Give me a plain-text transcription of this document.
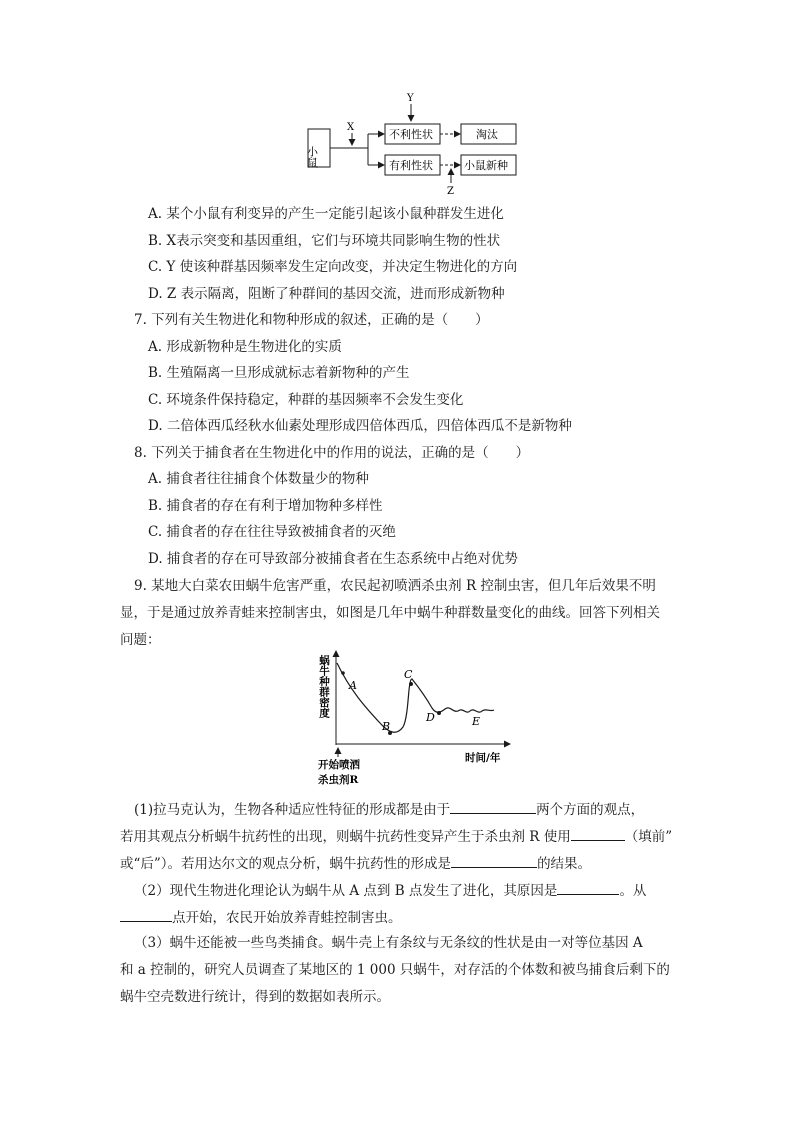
小鼠
X
不利性状
有利性状
Y
淘汰
小鼠新种
Z
A. 某个小鼠有利变异的产生一定能引起该小鼠种群发生进化
B. X表示突变和基因重组，它们与环境共同影响生物的性状
C. Y 使该种群基因频率发生定向改变，并决定生物进化的方向
D. Z 表示隔离，阻断了种群间的基因交流，进而形成新物种
7. 下列有关生物进化和物种形成的叙述，正确的是（　　）
A. 形成新物种是生物进化的实质
B. 生殖隔离一旦形成就标志着新物种的产生
C. 环境条件保持稳定，种群的基因频率不会发生变化
D. 二倍体西瓜经秋水仙素处理形成四倍体西瓜，四倍体西瓜不是新物种
8. 下列关于捕食者在生物进化中的作用的说法，正确的是（　　）
A. 捕食者往往捕食个体数量少的物种
B. 捕食者的存在有利于增加物种多样性
C. 捕食者的存在往往导致被捕食者的灭绝
D. 捕食者的存在可导致部分被捕食者在生态系统中占绝对优势
9. 某地大白菜农田蜗牛危害严重，农民起初喷洒杀虫剂 R 控制虫害，但几年后效果不明
显，于是通过放养青蛙来控制害虫，如图是几年中蜗牛种群数量变化的曲线。回答下列相关
问题：
蜗牛种群密度
时间/年
开始喷洒
杀虫剂R
A
B
C
D	E
(1)拉马克认为，生物各种适应性特征的形成都是由于	两个方面的观点，
若用其观点分析蜗牛抗药性的出现，则蜗牛抗药性变异产生于杀虫剂 R 使用	（填前”
或“后”）。若用达尔文的观点分析，蜗牛抗药性的形成是	的结果。
（2）现代生物进化理论认为蜗牛从 A 点到 B 点发生了进化，其原因是	。从
点开始，农民开始放养青蛙控制害虫。
（3）蜗牛还能被一些鸟类捕食。蜗牛壳上有条纹与无条纹的性状是由一对等位基因 A
和 a 控制的，研究人员调查了某地区的 1 000 只蜗牛，对存活的个体数和被鸟捕食后剩下的
蜗牛空壳数进行统计，得到的数据如表所示。
